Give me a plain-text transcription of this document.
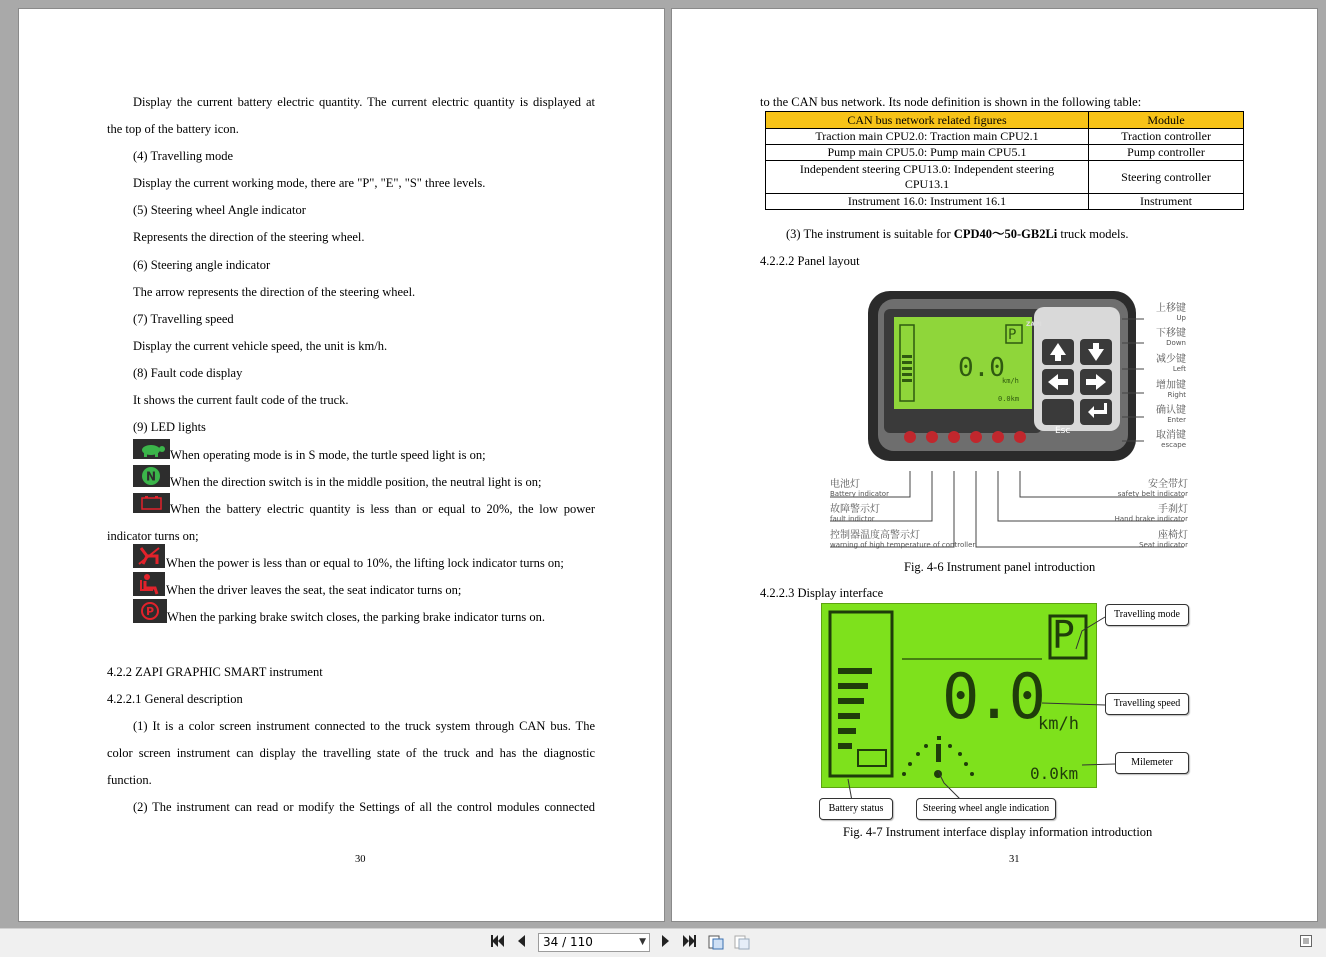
Display the current battery electric quantity. The current electric quantity is displayed at
the top of the battery icon.
(4) Travelling mode
Display the current working mode, there are "P", "E", "S" three levels.
(5) Steering wheel Angle indicator
Represents the direction of the steering wheel.
(6) Steering angle indicator
The arrow represents the direction of the steering wheel.
(7) Travelling speed
Display the current vehicle speed, the unit is km/h.
(8) Fault code display
It shows the current fault code of the truck.
(9) LED lights
When operating mode is in S mode, the turtle speed light is on;
N When the direction switch is in the middle position, the neutral light is on;
When the battery electric quantity is less than or equal to 20%, the low power
indicator turns on;
When the power is less than or equal to 10%, the lifting lock indicator turns on;
When the driver leaves the seat, the seat indicator turns on;
P When the parking brake switch closes, the parking brake indicator turns on.
4.2.2 ZAPI GRAPHIC SMART instrument
4.2.2.1 General description
(1) It is a color screen instrument connected to the truck system through CAN bus. The
color screen instrument can display the travelling state of the truck and has the diagnostic
function.
(2) The instrument can read or modify the Settings of all the control modules connected
30
to the CAN bus network. Its node definition is shown in the following table:
CAN bus network related figures	Module
Traction main CPU2.0: Traction main CPU2.1	Traction controller
Pump main CPU5.0: Pump main CPU5.1	Pump controller
Independent steering CPU13.0: Independent steering CPU13.1	Steering controller
Instrument 16.0: Instrument 16.1	Instrument
(3) The instrument is suitable for CPD40～50-GB2Li truck models.
4.2.2.2 Panel layout
ZAPI
P
0.0
km/h
0.0km
Esc
上移键
Up
下移键
Down
减少键
Left
增加键
Right
确认键
Enter
取消键
escape
电池灯
Battery indicator
故障警示灯
fault indictor
控制器温度高警示灯
warning of high temperature of controller
安全带灯
safety belt indicator
手刹灯
Hand brake indicator
座椅灯
Seat indicator
Fig. 4-6 Instrument panel introduction
4.2.2.3 Display interface
P
0.0
km/h
0.0km
Travelling mode
Travelling speed
Milemeter
Battery status	Steering wheel angle indication
Fig. 4-7 Instrument interface display information introduction
31
34 / 110	▼
